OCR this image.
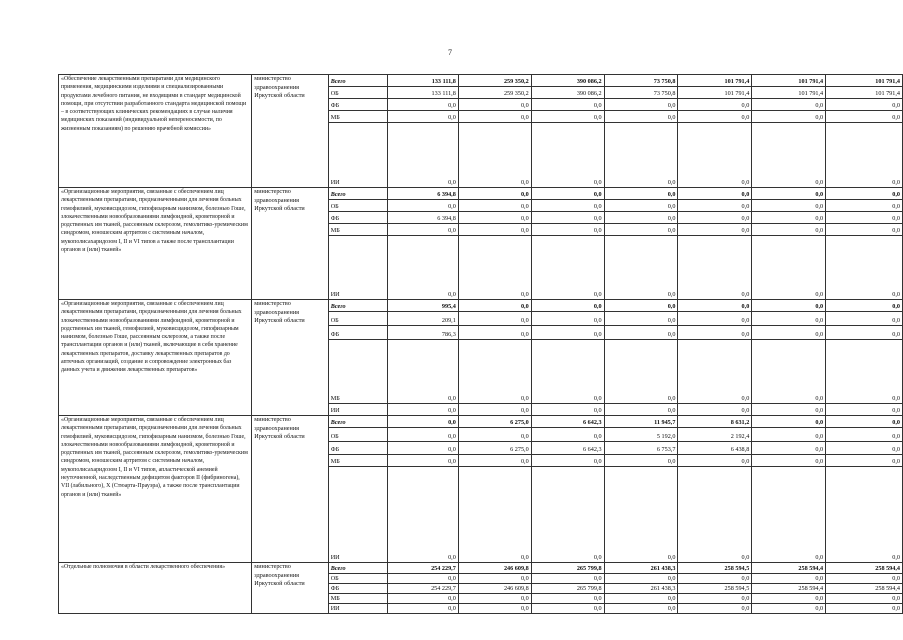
7
«Обеспечение лекарственными препаратами для медицинского применения, медицинскими изделиями и специализированными продуктами лечебного питания, не входящими в стандарт медицинской помощи, при отсутствии разработанного стандарта медицинской помощи – в соответствующих клинических рекомендациях в случае наличия медицинских показаний (индивидуальной непереносимости, по жизненным показаниям) по решению врачебной комиссии»	министерство здравоохранения Иркутской области	Всего	133 111,8	259 350,2	390 086,2	73 750,8	101 791,4	101 791,4	101 791,4
		ОБ	133 111,8	259 350,2	390 086,2	73 750,8	101 791,4	101 791,4	101 791,4
		ФБ	0,0	0,0	0,0	0,0	0,0	0,0	0,0
		МБ	0,0	0,0	0,0	0,0	0,0	0,0	0,0
		ИИ	0,0	0,0	0,0	0,0	0,0	0,0	0,0
«Организационные мероприятия, связанные с обеспечением лиц лекарственными препаратами, предназначенными для лечения больных гемофилией, муковисцидозом, гипофизарным нанизмом, болезнью Гоше, злокачественными новообразованиями лимфоидной, кроветворной и родственных им тканей, рассеянным склерозом, гемолитико-уремическим синдромом, юношеским артритом с системным началом, мукополисахаридозом I, II и VI типов а также после трансплантации органов и (или) тканей»	министерство здравоохранения Иркутской области	Всего	6 394,8	0,0	0,0	0,0	0,0	0,0	0,0
		ОБ	0,0	0,0	0,0	0,0	0,0	0,0	0,0
		ФБ	6 394,8	0,0	0,0	0,0	0,0	0,0	0,0
		МБ	0,0	0,0	0,0	0,0	0,0	0,0	0,0
		ИИ	0,0	0,0	0,0	0,0	0,0	0,0	0,0
«Организационные мероприятия, связанные с обеспечением лиц лекарственными препаратами, предназначенными для лечения больных злокачественными новообразованиями лимфоидной, кроветворной и родственных им тканей, гемофилией, муковисцидозом, гипофизарным нанизмом, болезнью Гоше, рассеянным склерозом, а также после трансплантации органов и (или) тканей, включающие в себя хранение лекарственных препаратов, доставку лекарственных препаратов до аптечных организаций, создание и сопровождение электронных баз данных учета и движения лекарственных препаратов»	министерство здравоохранения Иркутской области	Всего	995,4	0,0	0,0	0,0	0,0	0,0	0,0
		ОБ	209,1	0,0	0,0	0,0	0,0	0,0	0,0
		ФБ	786,3	0,0	0,0	0,0	0,0	0,0	0,0
		МБ	0,0	0,0	0,0	0,0	0,0	0,0	0,0
		ИИ	0,0	0,0	0,0	0,0	0,0	0,0	0,0
«Организационные мероприятия, связанные с обеспечением лиц лекарственными препаратами, предназначенными для лечения больных гемофилией, муковисцидозом, гипофизарным нанизмом, болезнью Гоше, злокачественными новообразованиями лимфоидной, кроветворной и родственных им тканей, рассеянным склерозом, гемолитико-уремическим синдромом, юношеским артритом с системным началом, мукополисахаридозом I, II и VI типов, апластической анемией неуточненной, наследственным дефицитом факторов II (фибриногена), VII (лабильного), X (Стюарта-Прауэра), а также после трансплантации органов и (или) тканей»	министерство здравоохранения Иркутской области	Всего	0,0	6 275,0	6 642,3	11 945,7	8 631,2	0,0	0,0
		ОБ	0,0	0,0	0,0	5 192,0	2 192,4	0,0	0,0
		ФБ	0,0	6 275,0	6 642,3	6 753,7	6 438,8	0,0	0,0
		МБ	0,0	0,0	0,0	0,0	0,0	0,0	0,0
		ИИ	0,0	0,0	0,0	0,0	0,0	0,0	0,0
«Отдельные полномочия в области лекарственного обеспечения»	министерство здравоохранения Иркутской области	Всего	254 229,7	246 609,8	265 799,8	261 438,3	258 594,5	258 594,4	258 594,4
		ОБ	0,0	0,0	0,0	0,0	0,0	0,0	0,0
		ФБ	254 229,7	246 609,8	265 799,8	261 438,3	258 594,5	258 594,4	258 594,4
		МБ	0,0	0,0	0,0	0,0	0,0	0,0	0,0
		ИИ	0,0	0,0	0,0	0,0	0,0	0,0	0,0
